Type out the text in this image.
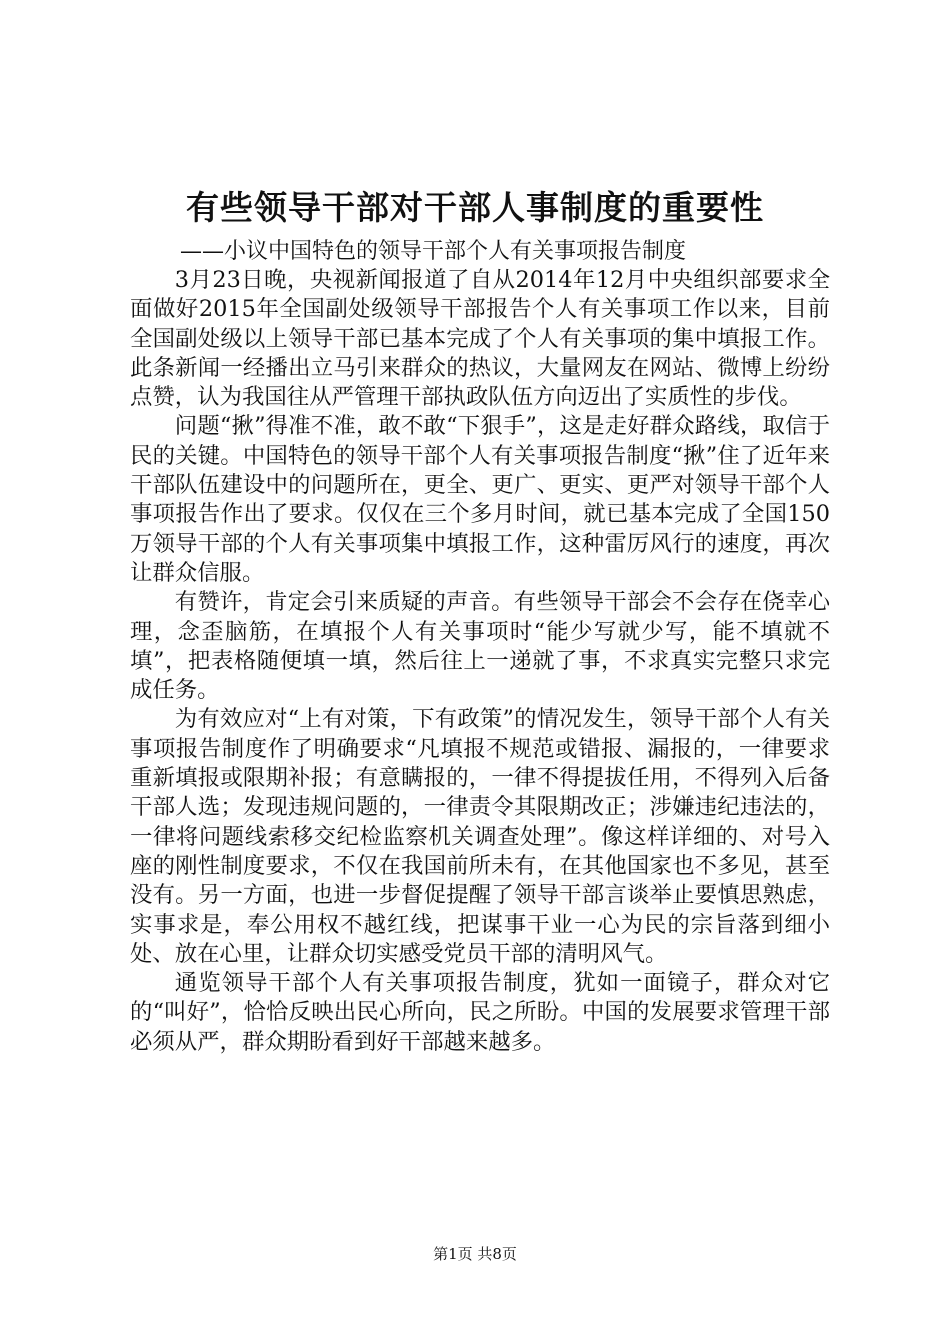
有些领导干部对干部人事制度的重要性
——小议中国特色的领导干部个人有关事项报告制度

3月23日晚，央视新闻报道了自从2014年12月中央组织部要求全面做好2015年全国副处级领导干部报告个人有关事项工作以来，目前全国副处级以上领导干部已基本完成了个人有关事项的集中填报工作。此条新闻一经播出立马引来群众的热议，大量网友在网站、微博上纷纷点赞，认为我国往从严管理干部执政队伍方向迈出了实质性的步伐。

问题“揪”得准不准，敢不敢“下狠手”，这是走好群众路线，取信于民的关键。中国特色的领导干部个人有关事项报告制度“揪”住了近年来干部队伍建设中的问题所在，更全、更广、更实、更严对领导干部个人事项报告作出了要求。仅仅在三个多月时间，就已基本完成了全国150万领导干部的个人有关事项集中填报工作，这种雷厉风行的速度，再次让群众信服。

有赞许，肯定会引来质疑的声音。有些领导干部会不会存在侥幸心理，念歪脑筋，在填报个人有关事项时“能少写就少写，能不填就不填”，把表格随便填一填，然后往上一递就了事，不求真实完整只求完成任务。

为有效应对“上有对策，下有政策”的情况发生，领导干部个人有关事项报告制度作了明确要求“凡填报不规范或错报、漏报的，一律要求重新填报或限期补报；有意瞒报的，一律不得提拔任用，不得列入后备干部人选；发现违规问题的，一律责令其限期改正；涉嫌违纪违法的，一律将问题线索移交纪检监察机关调查处理”。像这样详细的、对号入座的刚性制度要求，不仅在我国前所未有，在其他国家也不多见，甚至没有。另一方面，也进一步督促提醒了领导干部言谈举止要慎思熟虑，实事求是，奉公用权不越红线，把谋事干业一心为民的宗旨落到细小处、放在心里，让群众切实感受党员干部的清明风气。

通览领导干部个人有关事项报告制度，犹如一面镜子，群众对它的“叫好”，恰恰反映出民心所向，民之所盼。中国的发展要求管理干部必须从严，群众期盼看到好干部越来越多。

第1页 共8页
